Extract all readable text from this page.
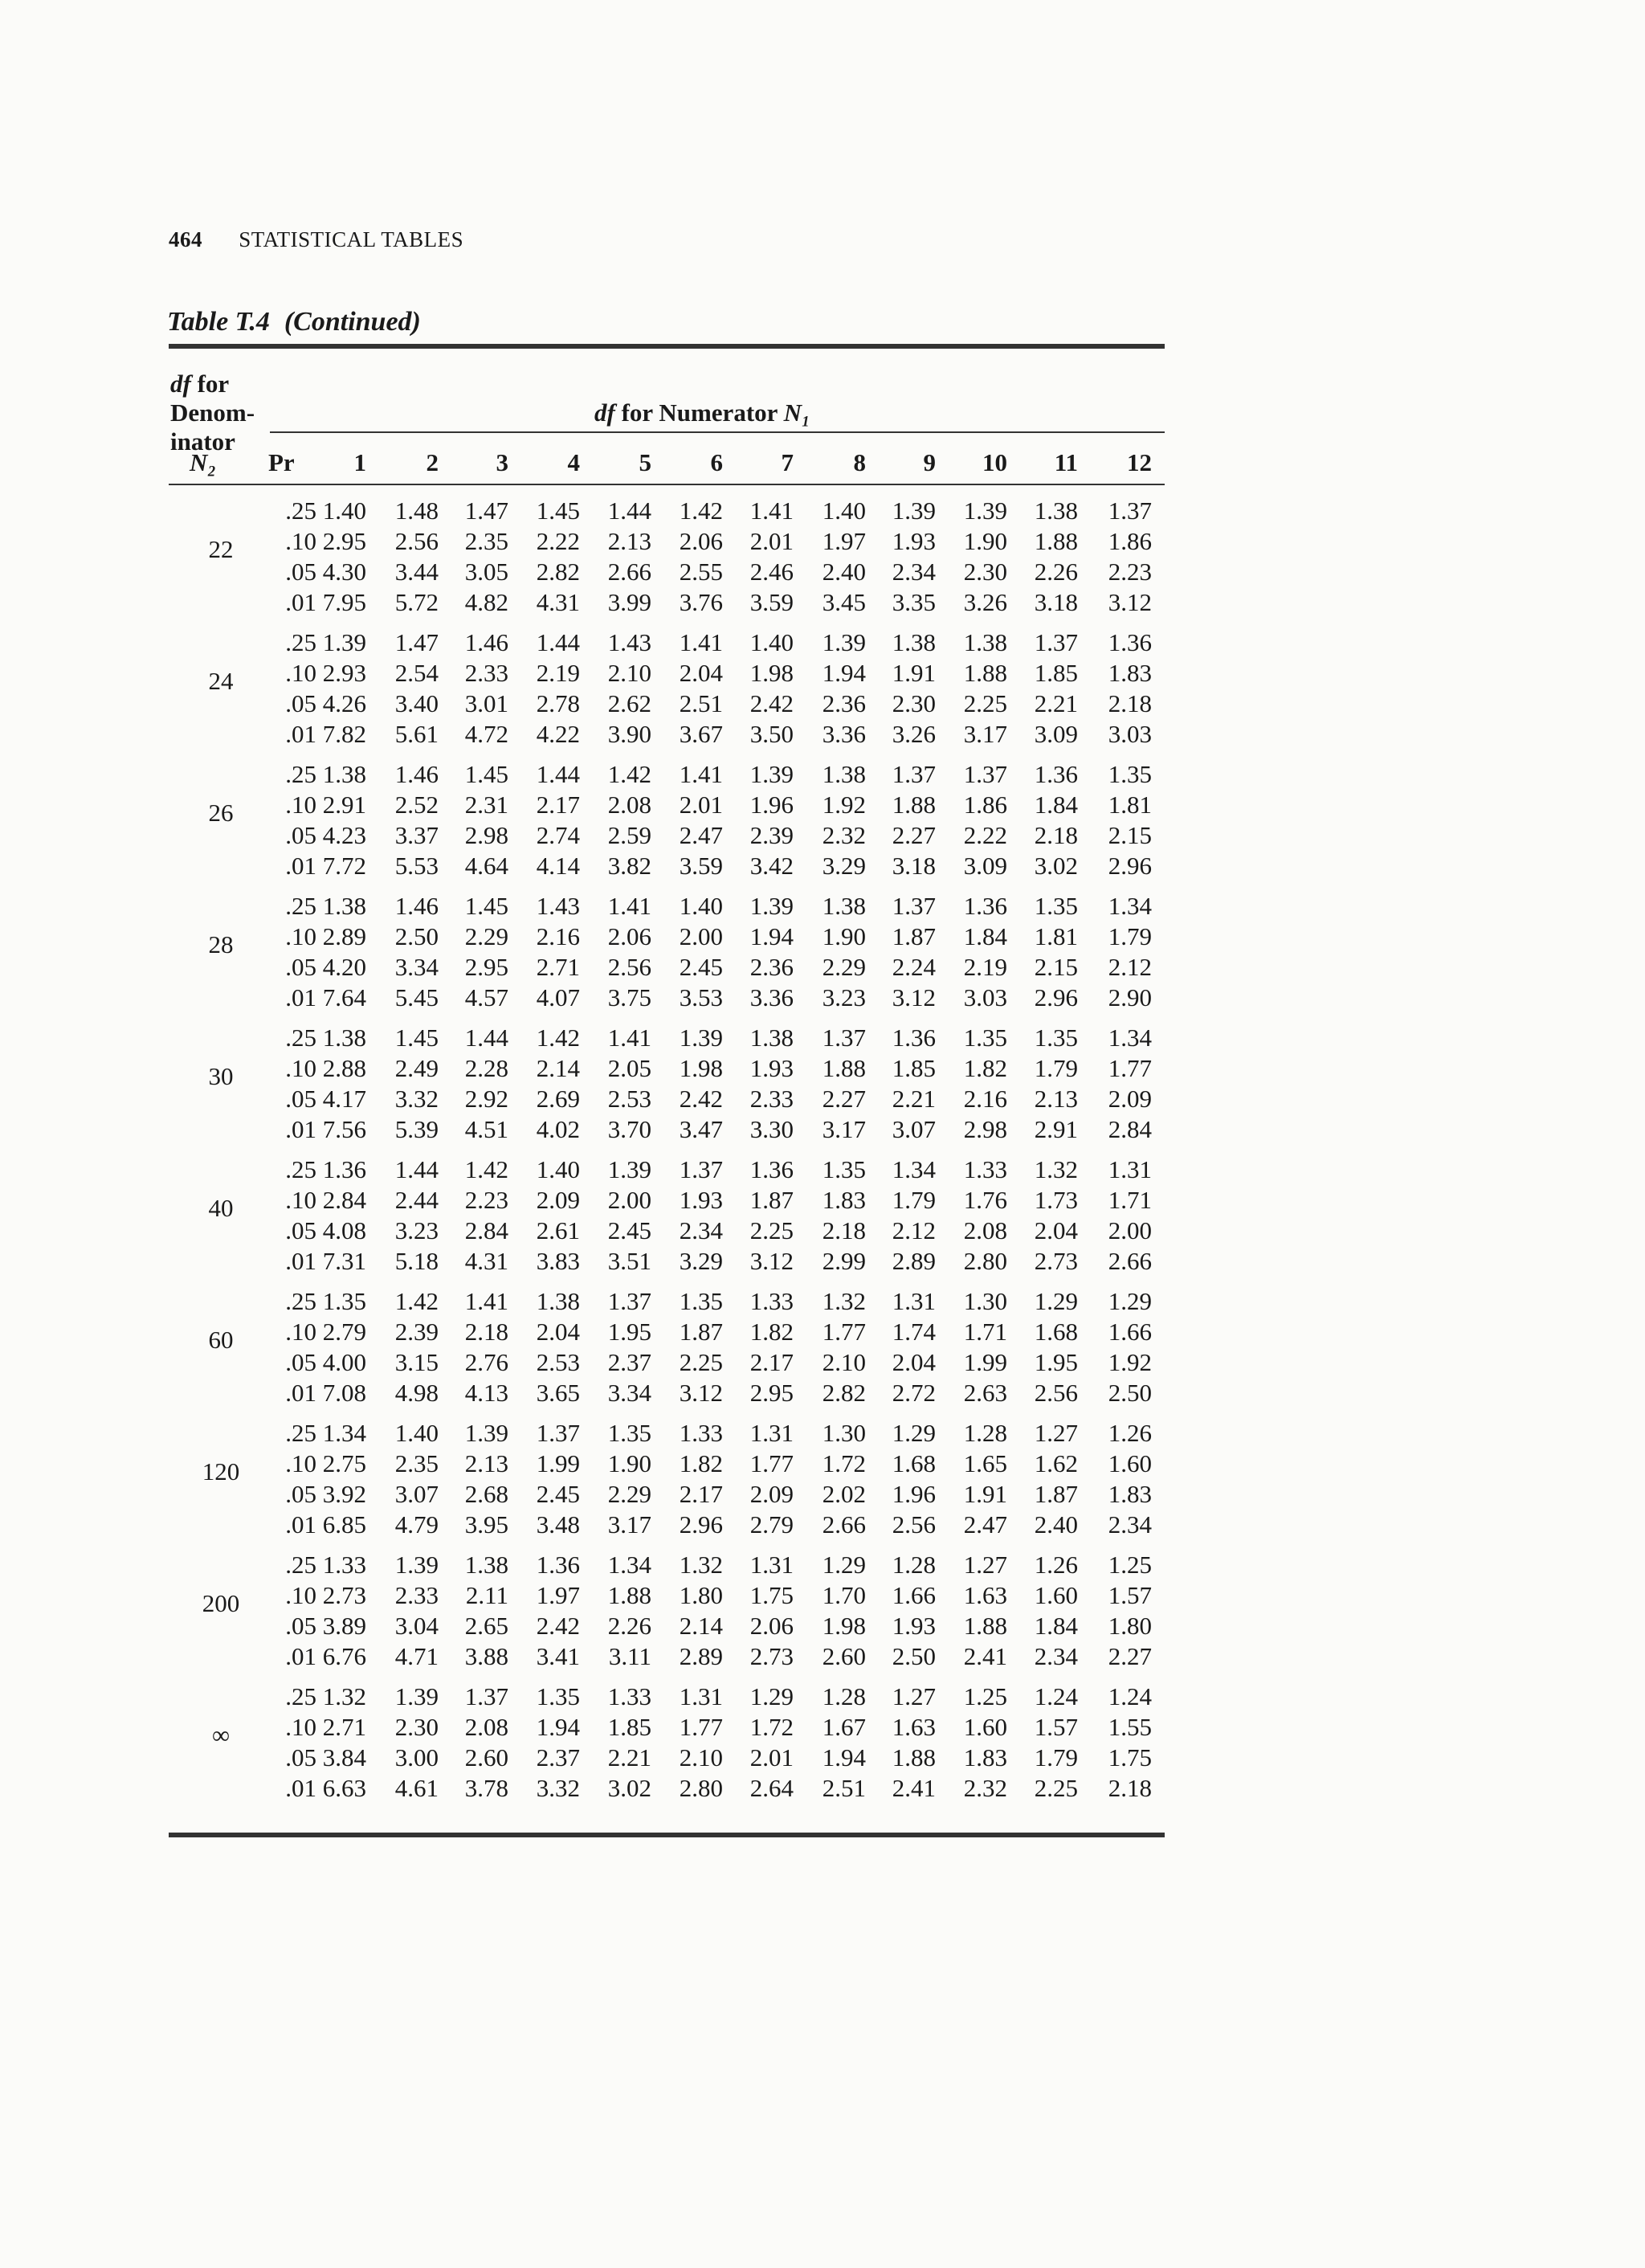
464 STATISTICAL TABLES
Table T.4 (Continued)
df for
Denom-
inator
df for Numerator N₁
N₂ Pr	1	2	3	4	5	6	7	8	9	10	11	12
22
.25 1.40	1.48	1.47	1.45	1.44	1.42	1.41	1.40	1.39	1.39	1.38	1.37
.10 2.95	2.56	2.35	2.22	2.13	2.06	2.01	1.97	1.93	1.90	1.88	1.86
.05 4.30	3.44	3.05	2.82	2.66	2.55	2.46	2.40	2.34	2.30	2.26	2.23
.01 7.95	5.72	4.82	4.31	3.99	3.76	3.59	3.45	3.35	3.26	3.18	3.12
24
.25 1.39	1.47	1.46	1.44	1.43	1.41	1.40	1.39	1.38	1.38	1.37	1.36
.10 2.93	2.54	2.33	2.19	2.10	2.04	1.98	1.94	1.91	1.88	1.85	1.83
.05 4.26	3.40	3.01	2.78	2.62	2.51	2.42	2.36	2.30	2.25	2.21	2.18
.01 7.82	5.61	4.72	4.22	3.90	3.67	3.50	3.36	3.26	3.17	3.09	3.03
26
.25 1.38	1.46	1.45	1.44	1.42	1.41	1.39	1.38	1.37	1.37	1.36	1.35
.10 2.91	2.52	2.31	2.17	2.08	2.01	1.96	1.92	1.88	1.86	1.84	1.81
.05 4.23	3.37	2.98	2.74	2.59	2.47	2.39	2.32	2.27	2.22	2.18	2.15
.01 7.72	5.53	4.64	4.14	3.82	3.59	3.42	3.29	3.18	3.09	3.02	2.96
28
.25 1.38	1.46	1.45	1.43	1.41	1.40	1.39	1.38	1.37	1.36	1.35	1.34
.10 2.89	2.50	2.29	2.16	2.06	2.00	1.94	1.90	1.87	1.84	1.81	1.79
.05 4.20	3.34	2.95	2.71	2.56	2.45	2.36	2.29	2.24	2.19	2.15	2.12
.01 7.64	5.45	4.57	4.07	3.75	3.53	3.36	3.23	3.12	3.03	2.96	2.90
30
.25 1.38	1.45	1.44	1.42	1.41	1.39	1.38	1.37	1.36	1.35	1.35	1.34
.10 2.88	2.49	2.28	2.14	2.05	1.98	1.93	1.88	1.85	1.82	1.79	1.77
.05 4.17	3.32	2.92	2.69	2.53	2.42	2.33	2.27	2.21	2.16	2.13	2.09
.01 7.56	5.39	4.51	4.02	3.70	3.47	3.30	3.17	3.07	2.98	2.91	2.84
40
.25 1.36	1.44	1.42	1.40	1.39	1.37	1.36	1.35	1.34	1.33	1.32	1.31
.10 2.84	2.44	2.23	2.09	2.00	1.93	1.87	1.83	1.79	1.76	1.73	1.71
.05 4.08	3.23	2.84	2.61	2.45	2.34	2.25	2.18	2.12	2.08	2.04	2.00
.01 7.31	5.18	4.31	3.83	3.51	3.29	3.12	2.99	2.89	2.80	2.73	2.66
60
.25 1.35	1.42	1.41	1.38	1.37	1.35	1.33	1.32	1.31	1.30	1.29	1.29
.10 2.79	2.39	2.18	2.04	1.95	1.87	1.82	1.77	1.74	1.71	1.68	1.66
.05 4.00	3.15	2.76	2.53	2.37	2.25	2.17	2.10	2.04	1.99	1.95	1.92
.01 7.08	4.98	4.13	3.65	3.34	3.12	2.95	2.82	2.72	2.63	2.56	2.50
120
.25 1.34	1.40	1.39	1.37	1.35	1.33	1.31	1.30	1.29	1.28	1.27	1.26
.10 2.75	2.35	2.13	1.99	1.90	1.82	1.77	1.72	1.68	1.65	1.62	1.60
.05 3.92	3.07	2.68	2.45	2.29	2.17	2.09	2.02	1.96	1.91	1.87	1.83
.01 6.85	4.79	3.95	3.48	3.17	2.96	2.79	2.66	2.56	2.47	2.40	2.34
200
.25 1.33	1.39	1.38	1.36	1.34	1.32	1.31	1.29	1.28	1.27	1.26	1.25
.10 2.73	2.33	2.11	1.97	1.88	1.80	1.75	1.70	1.66	1.63	1.60	1.57
.05 3.89	3.04	2.65	2.42	2.26	2.14	2.06	1.98	1.93	1.88	1.84	1.80
.01 6.76	4.71	3.88	3.41	3.11	2.89	2.73	2.60	2.50	2.41	2.34	2.27
∞
.25 1.32	1.39	1.37	1.35	1.33	1.31	1.29	1.28	1.27	1.25	1.24	1.24
.10 2.71	2.30	2.08	1.94	1.85	1.77	1.72	1.67	1.63	1.60	1.57	1.55
.05 3.84	3.00	2.60	2.37	2.21	2.10	2.01	1.94	1.88	1.83	1.79	1.75
.01 6.63	4.61	3.78	3.32	3.02	2.80	2.64	2.51	2.41	2.32	2.25	2.18
